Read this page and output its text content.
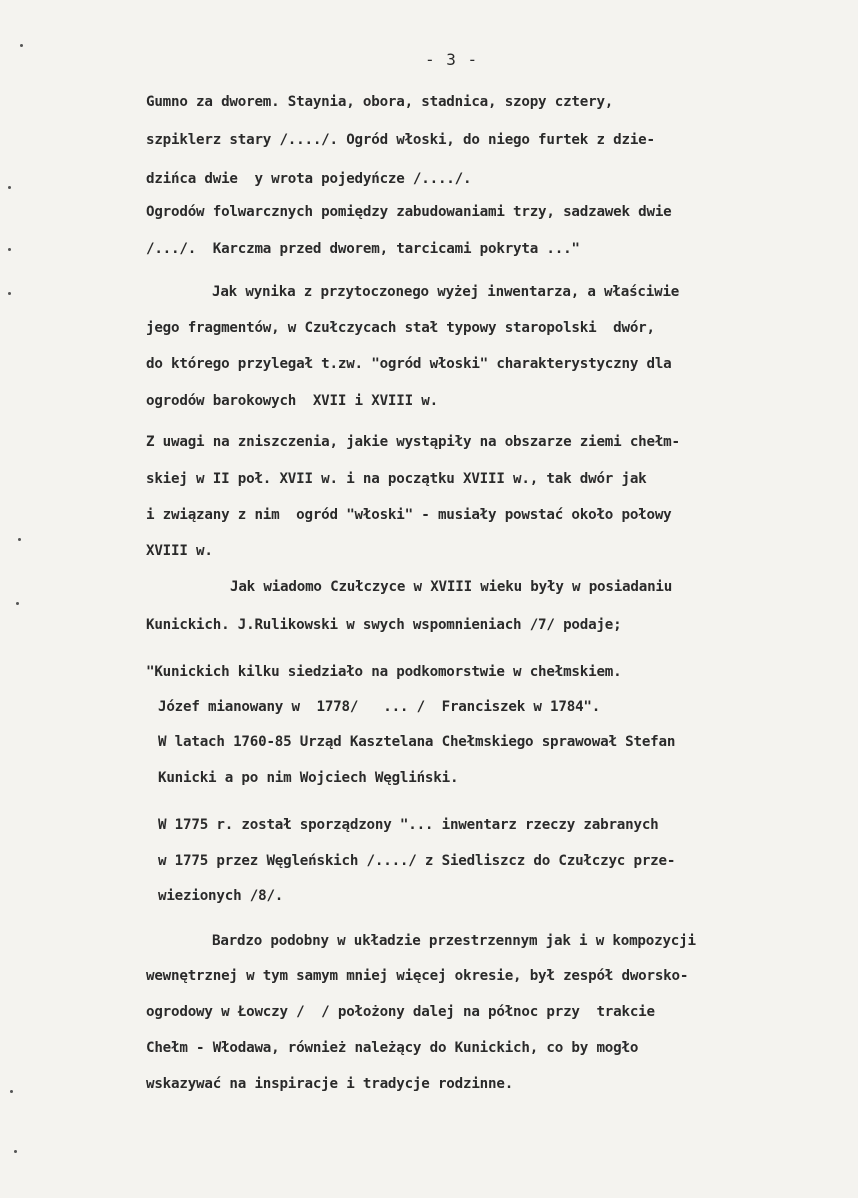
- 3 -
Gumno za dworem. Staynia, obora, stadnica, szopy cztery,
szpiklerz stary /..../. Ogród włoski, do niego furtek z dzie-
dzińca dwie  y wrota pojedyńcze /..../.
Ogrodów folwarcznych pomiędzy zabudowaniami trzy, sadzawek dwie
/.../.  Karczma przed dworem, tarcicami pokryta ..."
Jak wynika z przytoczonego wyżej inwentarza, a właściwie
jego fragmentów, w Czułczycach stał typowy staropolski  dwór,
do którego przylegał t.zw. "ogród włoski" charakterystyczny dla
ogrodów barokowych  XVII i XVIII w.
Z uwagi na zniszczenia, jakie wystąpiły na obszarze ziemi chełm-
skiej w II poł. XVII w. i na początku XVIII w., tak dwór jak
i związany z nim  ogród "włoski" - musiały powstać około połowy
XVIII w.
Jak wiadomo Czułczyce w XVIII wieku były w posiadaniu
Kunickich. J.Rulikowski w swych wspomnieniach /7/ podaje;
"Kunickich kilku siedziało na podkomorstwie w chełmskiem.
Józef mianowany w  1778/   ... /  Franciszek w 1784".
W latach 1760-85 Urząd Kasztelana Chełmskiego sprawował Stefan
Kunicki a po nim Wojciech Węgliński.
W 1775 r. został sporządzony "... inwentarz rzeczy zabranych
w 1775 przez Węgleńskich /..../ z Siedliszcz do Czułczyc prze-
wiezionych /8/.
Bardzo podobny w układzie przestrzennym jak i w kompozycji
wewnętrznej w tym samym mniej więcej okresie, był zespół dworsko-
ogrodowy w Łowczy /  / położony dalej na północ przy  trakcie
Chełm - Włodawa, również należący do Kunickich, co by mogło
wskazywać na inspiracje i tradycje rodzinne.
